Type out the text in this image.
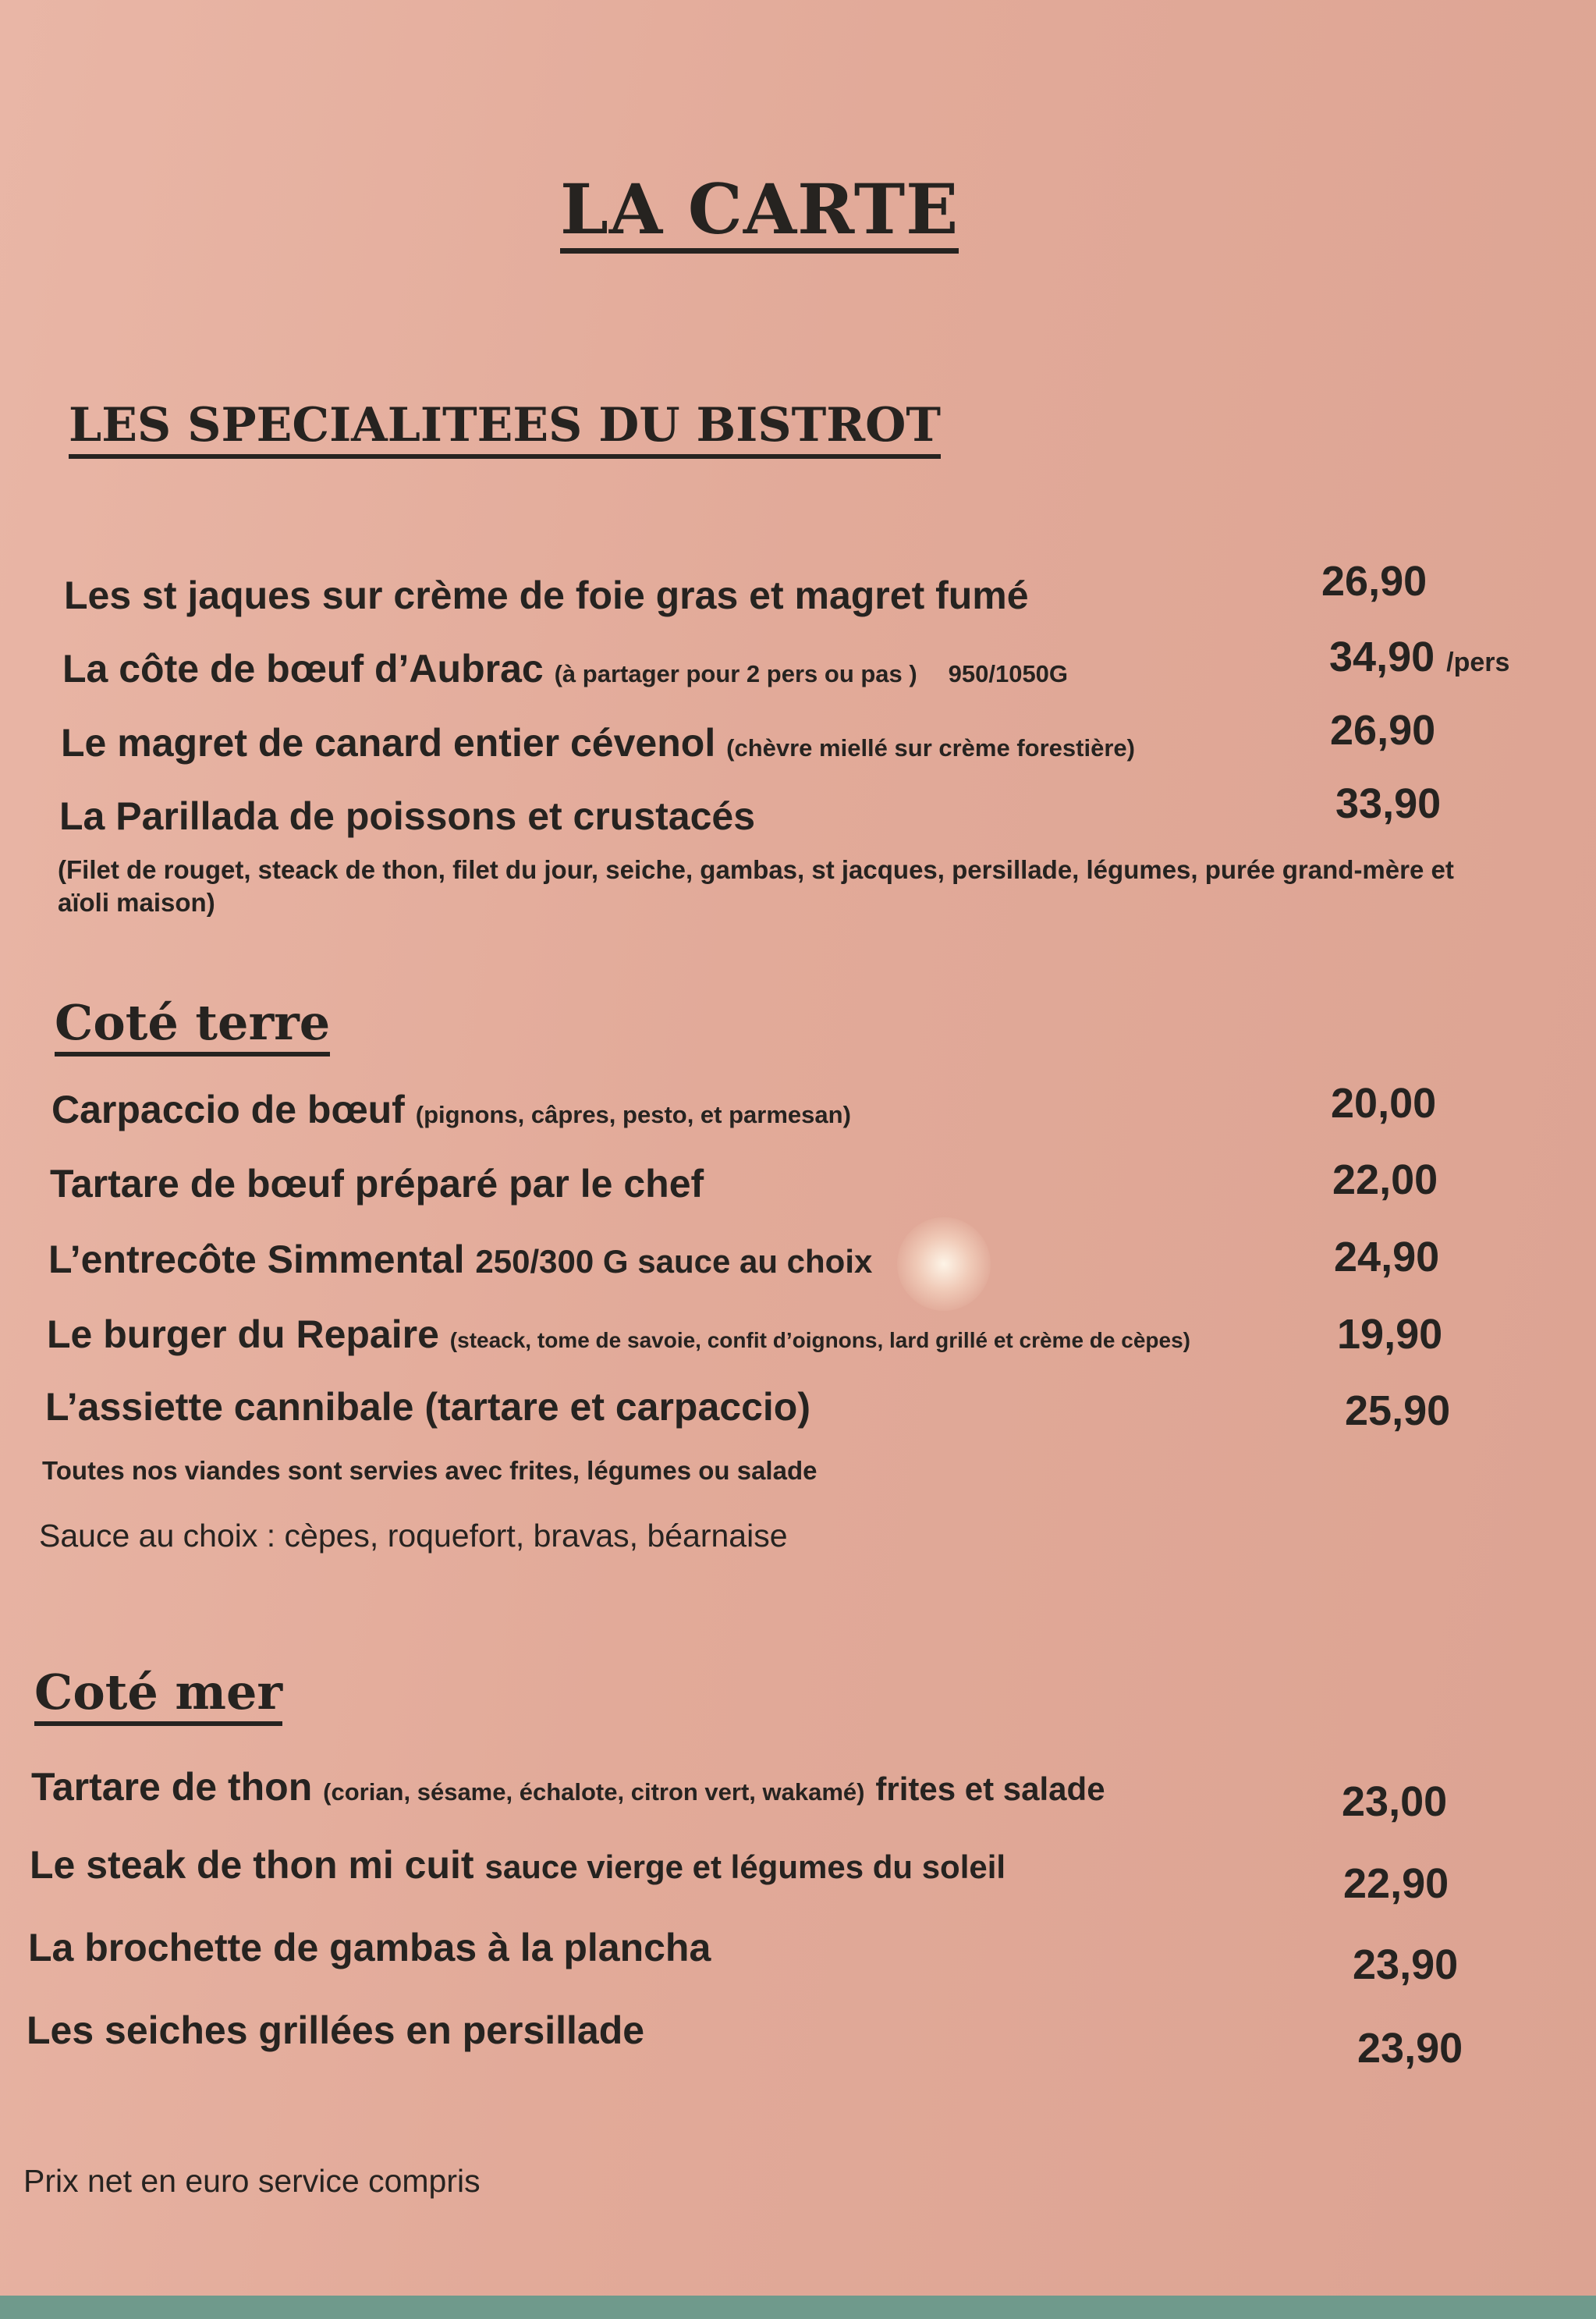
LA CARTE
LES SPECIALITEES DU BISTROT
Les st jaques sur crème de foie gras et magret fumé	26,90
La côte de bœuf d’Aubrac (à partager pour 2 pers ou pas ) 950/1050G	34,90 /pers
Le magret de canard entier cévenol (chèvre miellé sur crème forestière)	26,90
La Parillada de poissons et crustacés	33,90
(Filet de rouget, steack de thon, filet du jour, seiche, gambas, st jacques, persillade, légumes, purée grand-mère et aïoli maison)
Coté terre
Carpaccio de bœuf (pignons, câpres, pesto, et parmesan)	20,00
Tartare de bœuf préparé par le chef	22,00
L’entrecôte Simmental 250/300 G sauce au choix	24,90
Le burger du Repaire (steack, tome de savoie, confit d’oignons, lard grillé et crème de cèpes)	19,90
L’assiette cannibale (tartare et carpaccio)	25,90
Toutes nos viandes sont servies avec frites, légumes ou salade
Sauce au choix : cèpes, roquefort, bravas, béarnaise
Coté mer
Tartare de thon (corian, sésame, échalote, citron vert, wakamé) frites et salade	23,00
Le steak de thon mi cuit sauce vierge et légumes du soleil	22,90
La brochette de gambas à la plancha	23,90
Les seiches grillées en persillade	23,90
Prix net en euro service compris
